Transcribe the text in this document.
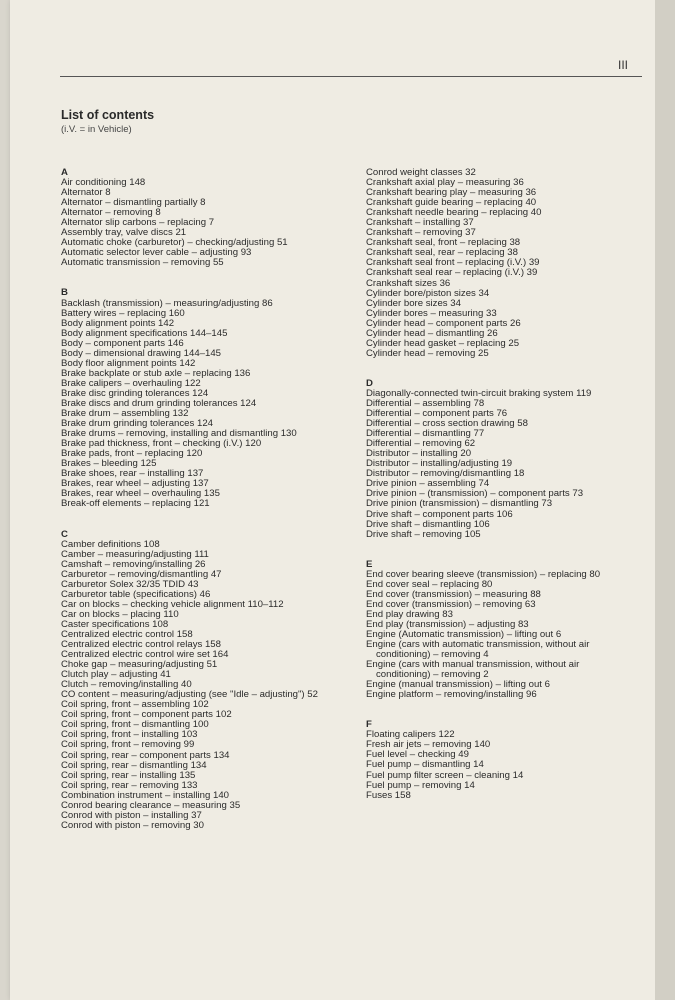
III
List of contents
(i.V. = in Vehicle)
A
Air conditioning 148
Alternator 8
Alternator – dismantling partially 8
Alternator – removing 8
Alternator slip carbons – replacing 7
Assembly tray, valve discs 21
Automatic choke (carburetor) – checking/adjusting 51
Automatic selector lever cable – adjusting 93
Automatic transmission – removing 55
B
Backlash (transmission) – measuring/adjusting 86
Battery wires – replacing 160
Body alignment points 142
Body alignment specifications 144–145
Body – component parts 146
Body – dimensional drawing 144–145
Body floor alignment points 142
Brake backplate or stub axle – replacing 136
Brake calipers – overhauling 122
Brake disc grinding tolerances 124
Brake discs and drum grinding tolerances 124
Brake drum – assembling 132
Brake drum grinding tolerances 124
Brake drums – removing, installing and dismantling 130
Brake pad thickness, front – checking (i.V.) 120
Brake pads, front – replacing 120
Brakes – bleeding 125
Brake shoes, rear – installing 137
Brakes, rear wheel – adjusting 137
Brakes, rear wheel – overhauling 135
Break-off elements – replacing 121
C
Camber definitions 108
Camber – measuring/adjusting 111
Camshaft – removing/installing 26
Carburetor – removing/dismantling 47
Carburetor Solex 32/35 TDID 43
Carburetor table (specifications) 46
Car on blocks – checking vehicle alignment 110–112
Car on blocks – placing 110
Caster specifications 108
Centralized electric control 158
Centralized electric control relays 158
Centralized electric control wire set 164
Choke gap – measuring/adjusting 51
Clutch play – adjusting 41
Clutch – removing/installing 40
CO content – measuring/adjusting (see "Idle – adjusting") 52
Coil spring, front – assembling 102
Coil spring, front – component parts 102
Coil spring, front – dismantling 100
Coil spring, front – installing 103
Coil spring, front – removing 99
Coil spring, rear – component parts 134
Coil spring, rear – dismantling 134
Coil spring, rear – installing 135
Coil spring, rear – removing 133
Combination instrument – installing 140
Conrod bearing clearance – measuring 35
Conrod with piston – installing 37
Conrod with piston – removing 30
Conrod weight classes 32
Crankshaft axial play – measuring 36
Crankshaft bearing play – measuring 36
Crankshaft guide bearing – replacing 40
Crankshaft needle bearing – replacing 40
Crankshaft – installing 37
Crankshaft – removing 37
Crankshaft seal, front – replacing 38
Crankshaft seal, rear – replacing 38
Crankshaft seal front – replacing (i.V.) 39
Crankshaft seal rear – replacing (i.V.) 39
Crankshaft sizes 36
Cylinder bore/piston sizes 34
Cylinder bore sizes 34
Cylinder bores – measuring 33
Cylinder head – component parts 26
Cylinder head – dismantling 26
Cylinder head gasket – replacing 25
Cylinder head – removing 25
D
Diagonally-connected twin-circuit braking system 119
Differential – assembling 78
Differential – component parts 76
Differential – cross section drawing 58
Differential – dismantling 77
Differential – removing 62
Distributor – installing 20
Distributor – installing/adjusting 19
Distributor – removing/dismantling 18
Drive pinion – assembling 74
Drive pinion – (transmission) – component parts 73
Drive pinion (transmission) – dismantling 73
Drive shaft – component parts 106
Drive shaft – dismantling 106
Drive shaft – removing 105
E
End cover bearing sleeve (transmission) – replacing 80
End cover seal – replacing 80
End cover (transmission) – measuring 88
End cover (transmission) – removing 63
End play drawing 83
End play (transmission) – adjusting 83
Engine (Automatic transmission) – lifting out 6
Engine (cars with automatic transmission, without air
conditioning) – removing 4
Engine (cars with manual transmission, without air
conditioning) – removing 2
Engine (manual transmission) – lifting out 6
Engine platform – removing/installing 96
F
Floating calipers 122
Fresh air jets – removing 140
Fuel level – checking 49
Fuel pump – dismantling 14
Fuel pump filter screen – cleaning 14
Fuel pump – removing 14
Fuses 158
